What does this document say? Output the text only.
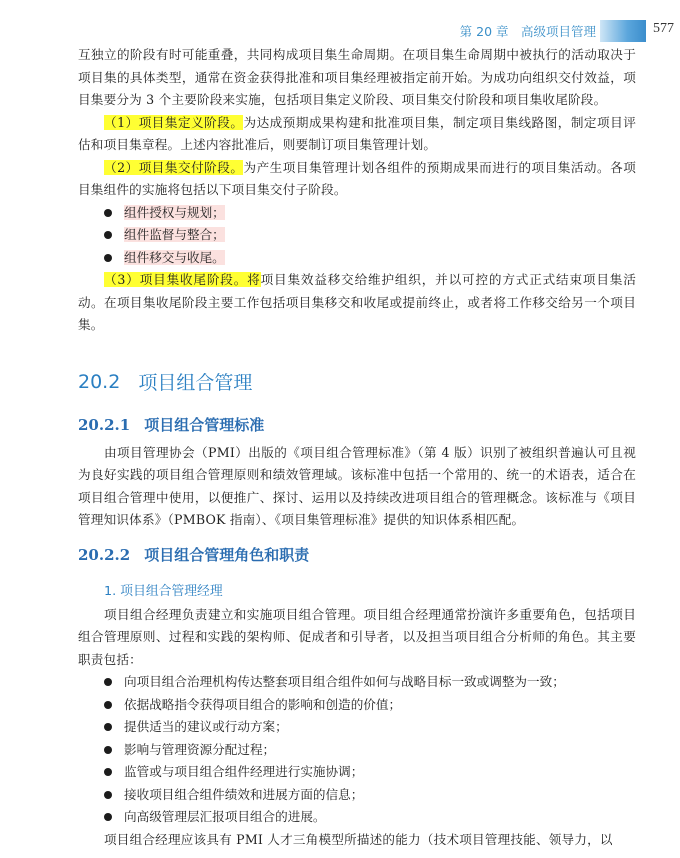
第 20 章　高级项目管理	577

互独立的阶段有时可能重叠，共同构成项目集生命周期。在项目集生命周期中被执行的活动取决于项目集的具体类型，通常在资金获得批准和项目集经理被指定前开始。为成功向组织交付效益，项目集要分为 3 个主要阶段来实施，包括项目集定义阶段、项目集交付阶段和项目集收尾阶段。

（1）项目集定义阶段。为达成预期成果构建和批准项目集，制定项目集线路图，制定项目评估和项目集章程。上述内容批准后，则要制订项目集管理计划。

（2）项目集交付阶段。为产生项目集管理计划各组件的预期成果而进行的项目集活动。各项目集组件的实施将包括以下项目集交付子阶段。

组件授权与规划；
组件监督与整合；
组件移交与收尾。

（3）项目集收尾阶段。将项目集效益移交给维护组织，并以可控的方式正式结束项目集活动。在项目集收尾阶段主要工作包括项目集移交和收尾或提前终止，或者将工作移交给另一个项目集。

20.2 项目组合管理
20.2.1 项目组合管理标准

由项目管理协会（PMI）出版的《项目组合管理标准》（第 4 版）识别了被组织普遍认可且视为良好实践的项目组合管理原则和绩效管理域。该标准中包括一个常用的、统一的术语表，适合在项目组合管理中使用，以便推广、探讨、运用以及持续改进项目组合的管理概念。该标准与《项目管理知识体系》（PMBOK 指南）、《项目集管理标准》提供的知识体系相匹配。

20.2.2 项目组合管理角色和职责
1. 项目组合管理经理

项目组合经理负责建立和实施项目组合管理。项目组合经理通常扮演许多重要角色，包括项目组合管理原则、过程和实践的架构师、促成者和引导者，以及担当项目组合分析师的角色。其主要职责包括：

向项目组合治理机构传达整套项目组合组件如何与战略目标一致或调整为一致；
依据战略指令获得项目组合的影响和创造的价值；
提供适当的建议或行动方案；
影响与管理资源分配过程；
监管或与项目组合组件经理进行实施协调；
接收项目组合组件绩效和进展方面的信息；
向高级管理层汇报项目组合的进展。

项目组合经理应该具有 PMI 人才三角模型所描述的能力（技术项目管理技能、领导力，以
